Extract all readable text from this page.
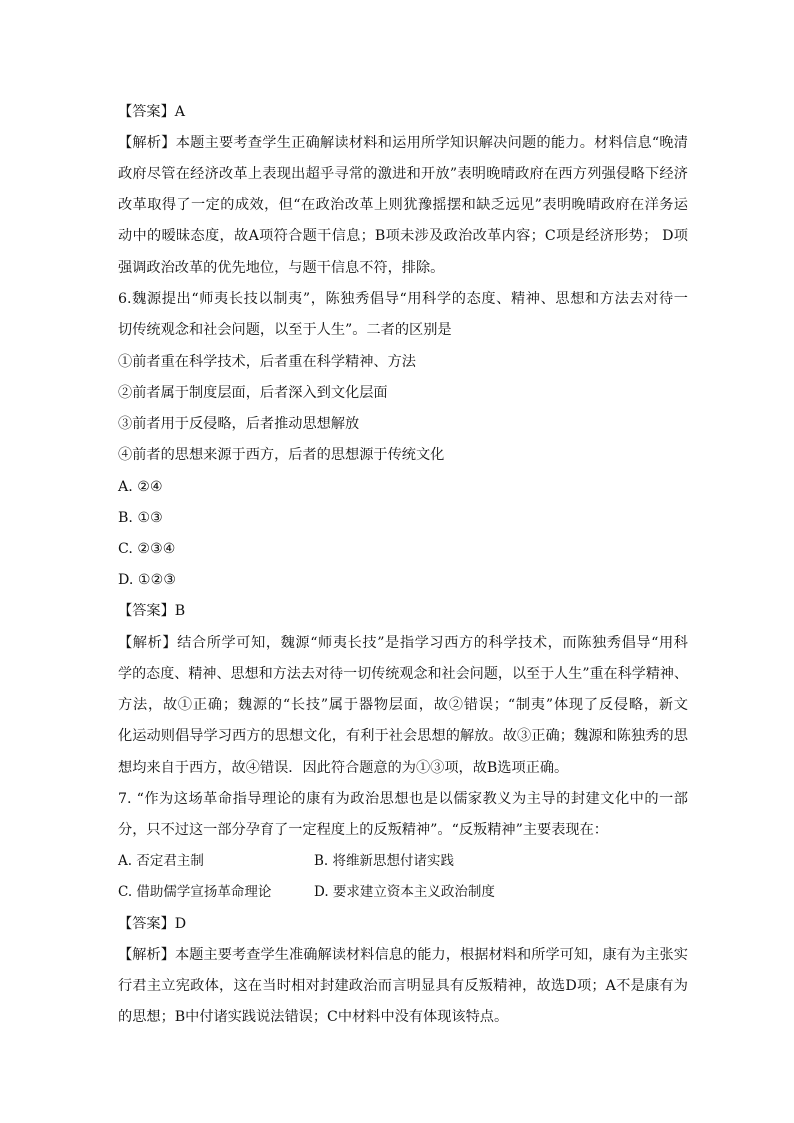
【答案】A
【解析】本题主要考查学生正确解读材料和运用所学知识解决问题的能力。材料信息“晚清
政府尽管在经济改革上表现出超乎寻常的激进和开放”表明晚晴政府在西方列强侵略下经济
改革取得了一定的成效，但“在政治改革上则犹豫摇摆和缺乏远见”表明晚晴政府在洋务运
动中的暧昧态度，故A项符合题干信息；B项未涉及政治改革内容；C项是经济形势； D项
强调政治改革的优先地位，与题干信息不符，排除。
6.魏源提出“师夷长技以制夷”，陈独秀倡导“用科学的态度、精神、思想和方法去对待一
切传统观念和社会问题，以至于人生”。二者的区别是
①前者重在科学技术，后者重在科学精神、方法
②前者属于制度层面，后者深入到文化层面
③前者用于反侵略，后者推动思想解放
④前者的思想来源于西方，后者的思想源于传统文化
A. ②④
B. ①③
C. ②③④
D. ①②③
【答案】B
【解析】结合所学可知，魏源“师夷长技”是指学习西方的科学技术，而陈独秀倡导“用科
学的态度、精神、思想和方法去对待一切传统观念和社会问题，以至于人生”重在科学精神、
方法，故①正确；魏源的“长技”属于器物层面，故②错误；“制夷”体现了反侵略，新文
化运动则倡导学习西方的思想文化，有利于社会思想的解放。故③正确；魏源和陈独秀的思
想均来自于西方，故④错误．因此符合题意的为①③项，故B选项正确。
7. “作为这场革命指导理论的康有为政治思想也是以儒家教义为主导的封建文化中的一部
分，只不过这一部分孕育了一定程度上的反叛精神”。“反叛精神”主要表现在：
A. 否定君主制	B. 将维新思想付诸实践
C. 借助儒学宣扬革命理论	D. 要求建立资本主义政治制度
【答案】D
【解析】本题主要考查学生准确解读材料信息的能力，根据材料和所学可知，康有为主张实
行君主立宪政体，这在当时相对封建政治而言明显具有反叛精神，故选D项；A不是康有为
的思想；B中付诸实践说法错误；C中材料中没有体现该特点。
